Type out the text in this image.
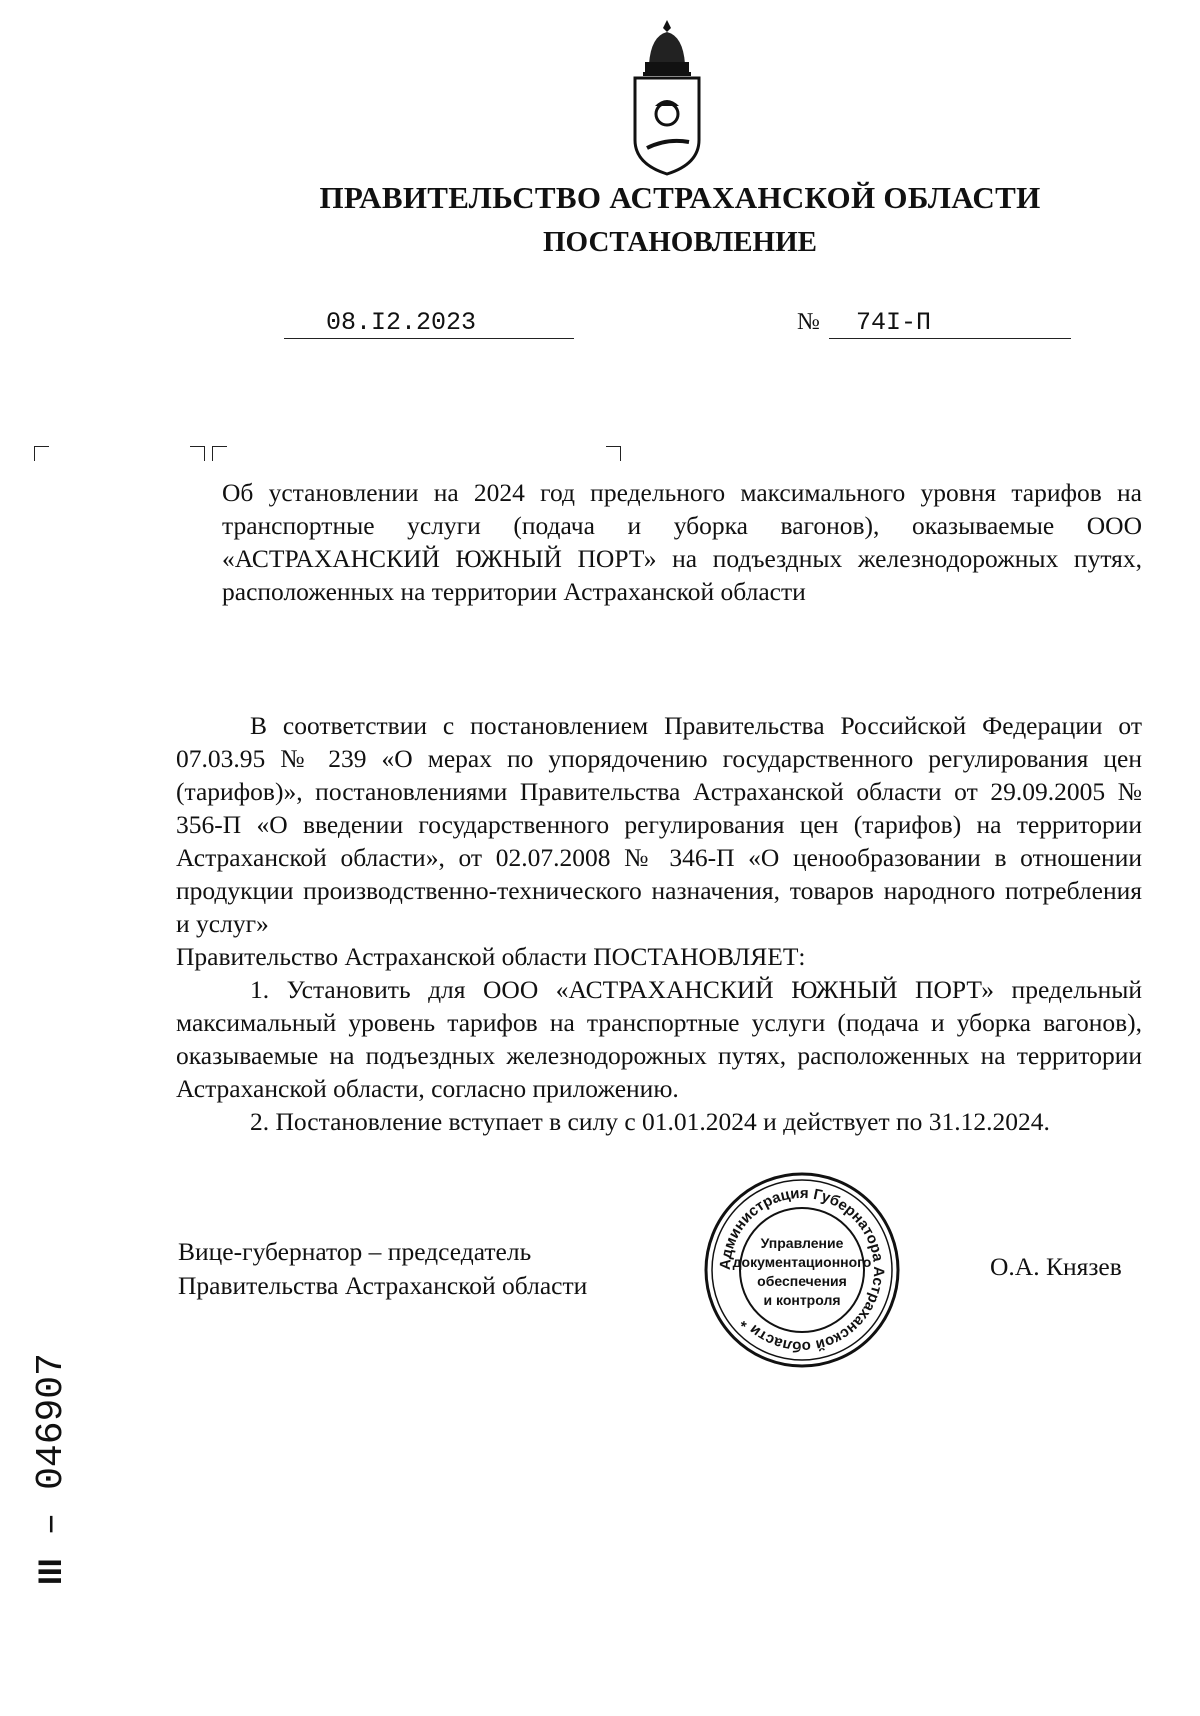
ПРАВИТЕЛЬСТВО АСТРАХАНСКОЙ ОБЛАСТИ
ПОСТАНОВЛЕНИЕ
08.I2.2023	№ 74I-П
Об установлении на 2024 год предельного максимального уровня тарифов на транспортные услуги (подача и уборка вагонов), оказываемые ООО «АСТРАХАНСКИЙ ЮЖНЫЙ ПОРТ» на подъездных железнодорожных путях, расположенных на территории Астраханской области

В соответствии с постановлением Правительства Российской Федерации от 07.03.95 № 239 «О мерах по упорядочению государственного регулирования цен (тарифов)», постановлениями Правительства Астраханской области от 29.09.2005 № 356-П «О введении государственного регулирования цен (тарифов) на территории Астраханской области», от 02.07.2008 № 346-П «О ценообразовании в отношении продукции производственно-технического назначения, товаров народного потребления и услуг»

Правительство Астраханской области ПОСТАНОВЛЯЕТ:

1. Установить для ООО «АСТРАХАНСКИЙ ЮЖНЫЙ ПОРТ» предельный максимальный уровень тарифов на транспортные услуги (подача и уборка вагонов), оказываемые на подъездных железнодорожных путях, расположенных на территории Астраханской области, согласно приложению.

2. Постановление вступает в силу с 01.01.2024 и действует по 31.12.2024.

Вице-губернатор – председатель
Правительства Астраханской области
О.А. Князев
Администрация Губернатора Астраханской области *
Управление
документационного
обеспечения
и контроля
III – 046907
